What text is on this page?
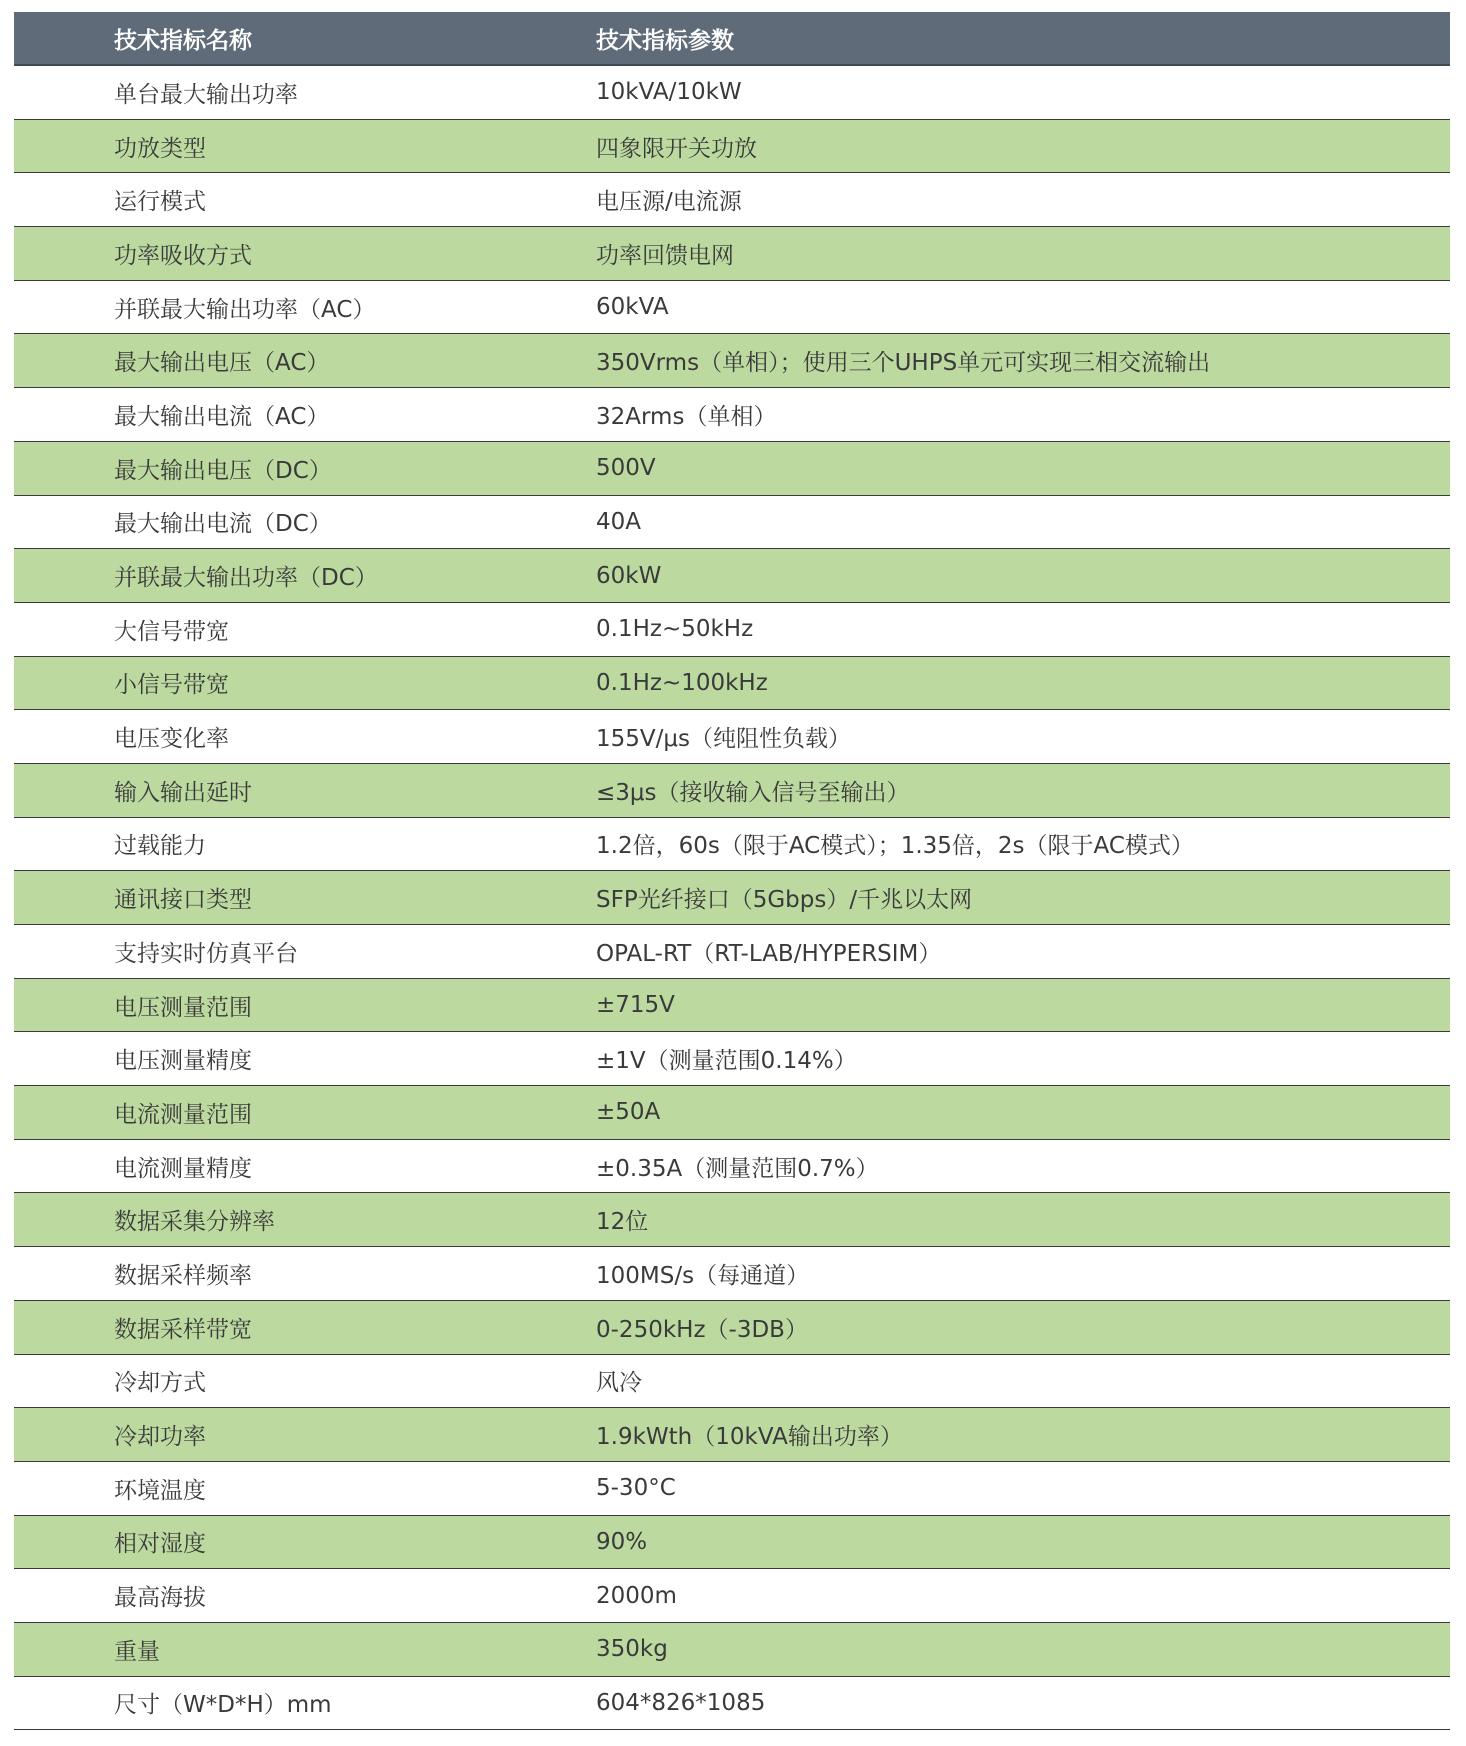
技术指标名称	技术指标参数
单台最大输出功率	10kVA/10kW
功放类型	四象限开关功放
运行模式	电压源/电流源
功率吸收方式	功率回馈电网
并联最大输出功率（AC）	60kVA
最大输出电压（AC）	350Vrms（单相）；使用三个UHPS单元可实现三相交流输出
最大输出电流（AC）	32Arms（单相）
最大输出电压（DC）	500V
最大输出电流（DC）	40A
并联最大输出功率（DC）	60kW
大信号带宽	0.1Hz~50kHz
小信号带宽	0.1Hz~100kHz
电压变化率	155V/μs（纯阻性负载）
输入输出延时	≤3μs（接收输入信号至输出）
过载能力	1.2倍，60s（限于AC模式）；1.35倍，2s（限于AC模式）
通讯接口类型	SFP光纤接口（5Gbps）/千兆以太网
支持实时仿真平台	OPAL-RT（RT-LAB/HYPERSIM）
电压测量范围	±715V
电压测量精度	±1V（测量范围0.14%）
电流测量范围	±50A
电流测量精度	±0.35A（测量范围0.7%）
数据采集分辨率	12位
数据采样频率	100MS/s（每通道）
数据采样带宽	0-250kHz（-3DB）
冷却方式	风冷
冷却功率	1.9kWth（10kVA输出功率）
环境温度	5-30°C
相对湿度	90%
最高海拔	2000m
重量	350kg
尺寸（W*D*H）mm	604*826*1085
